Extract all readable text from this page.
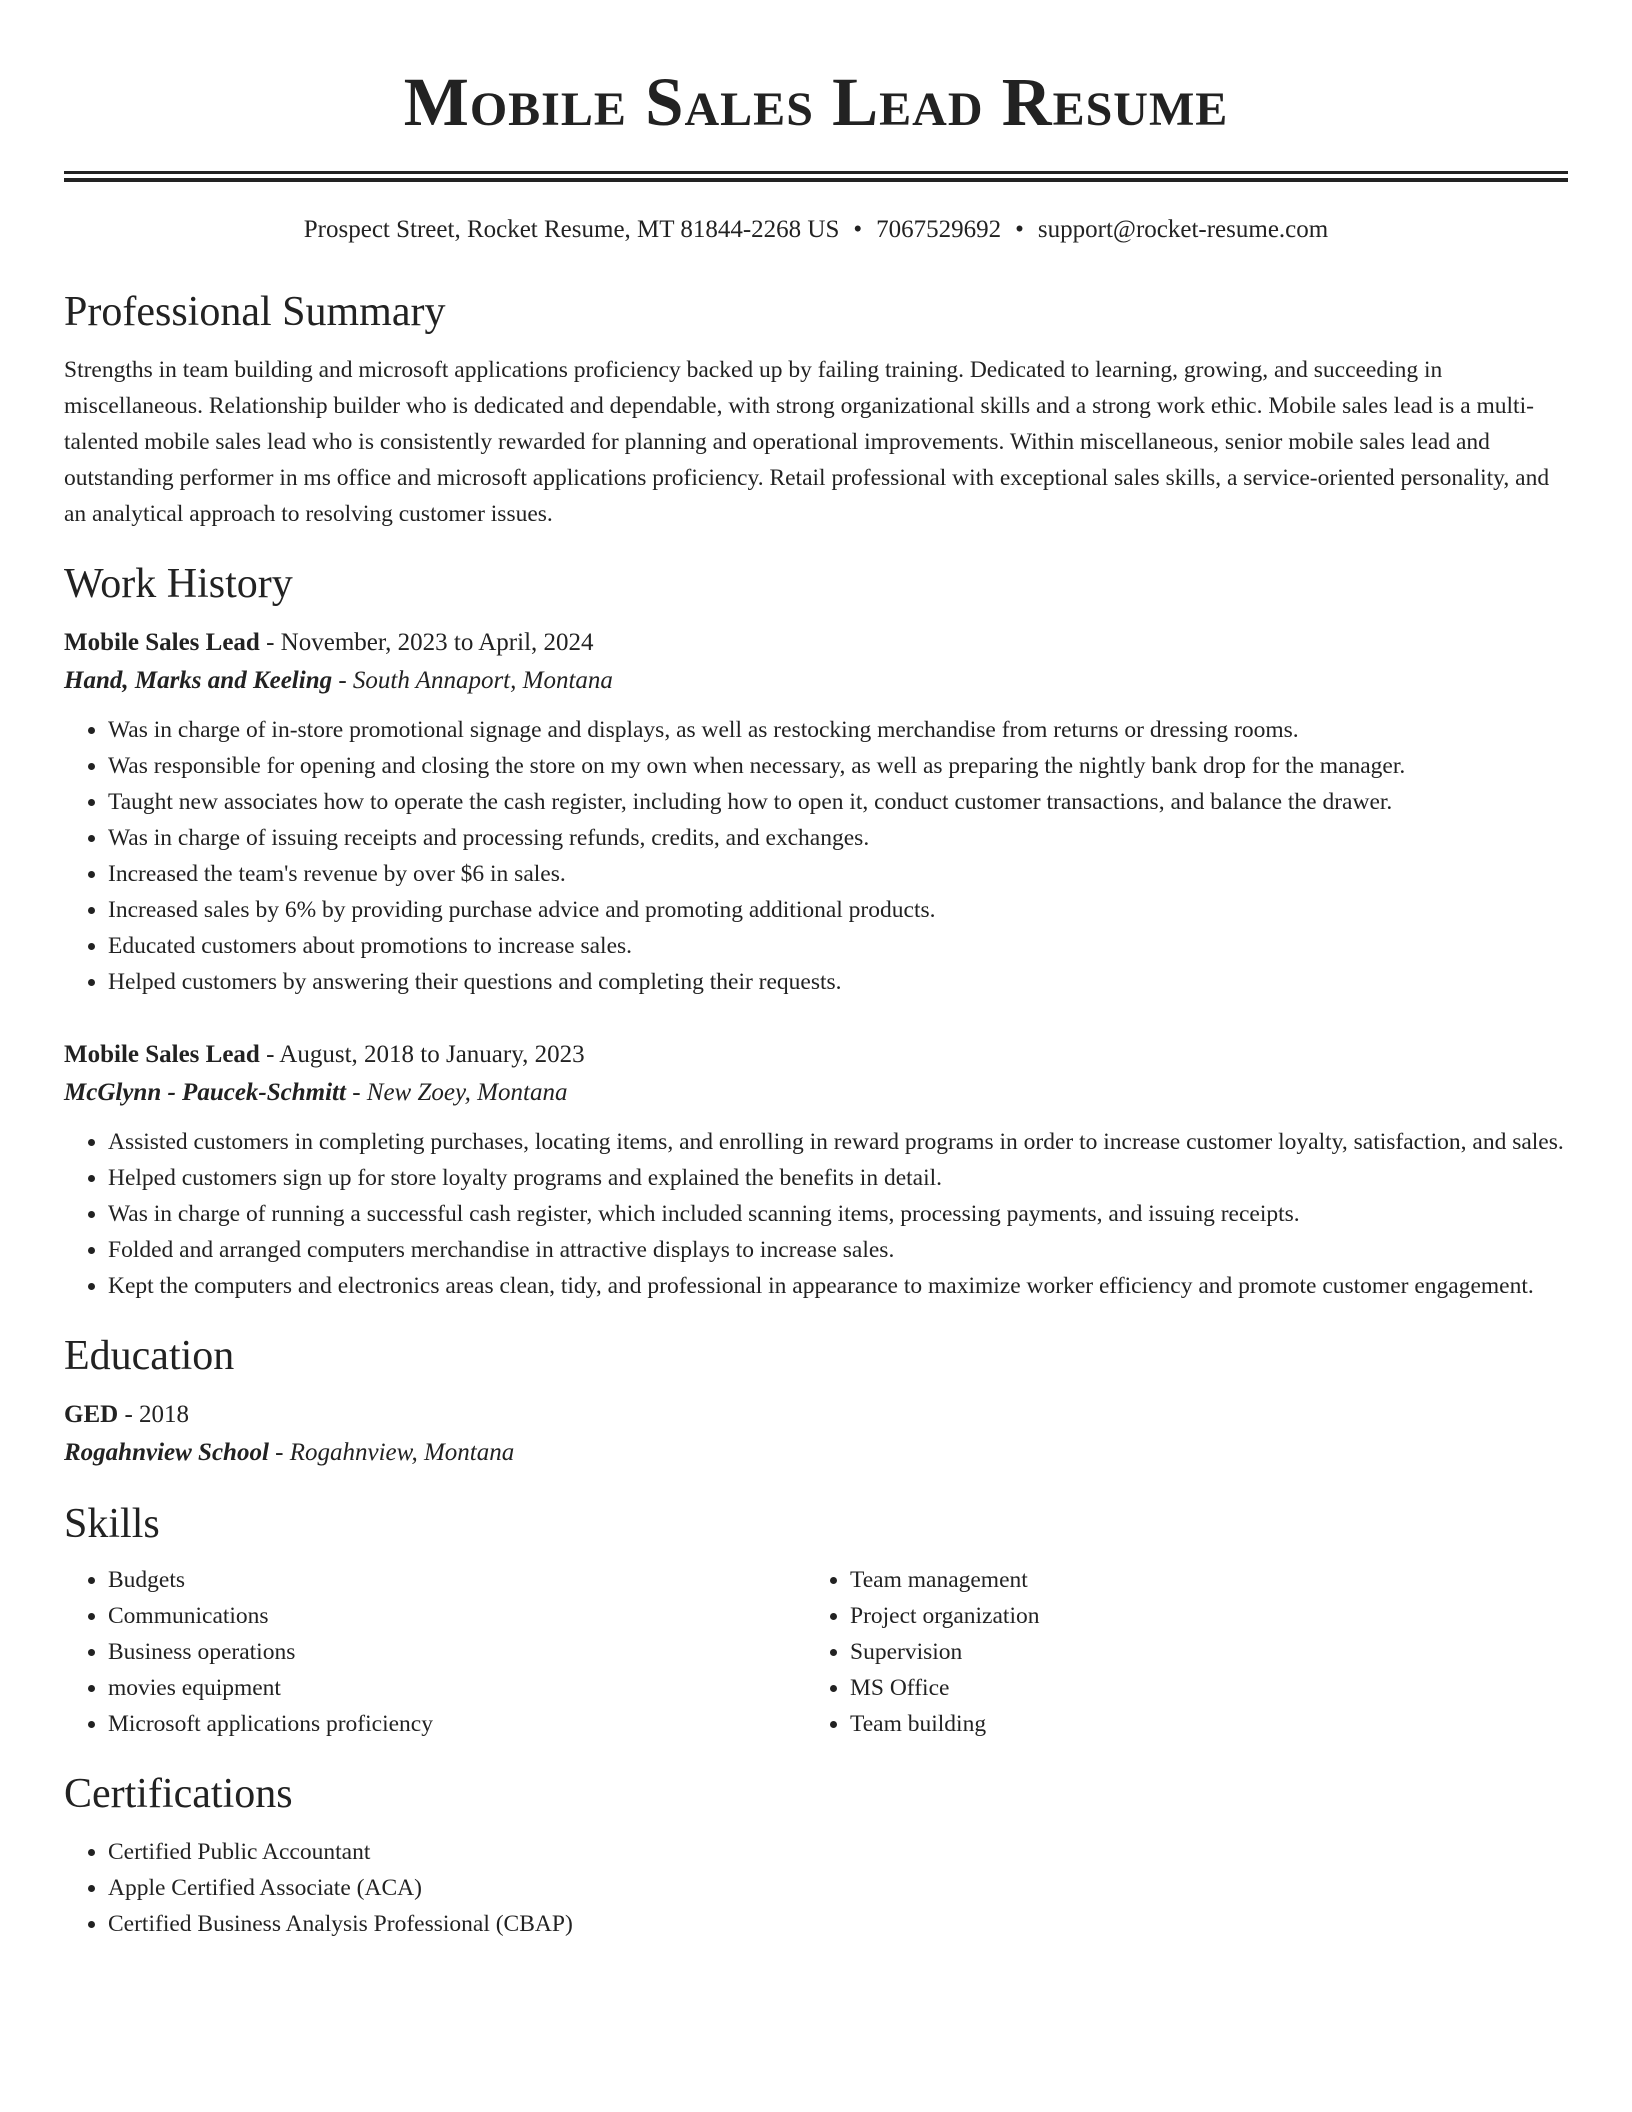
Mobile Sales Lead Resume
Prospect Street, Rocket Resume, MT 81844-2268 US • 7067529692 • support@rocket-resume.com
Professional Summary

Strengths in team building and microsoft applications proficiency backed up by failing training. Dedicated to learning, growing, and succeeding in miscellaneous. Relationship builder who is dedicated and dependable, with strong organizational skills and a strong work ethic. Mobile sales lead is a multi-talented mobile sales lead who is consistently rewarded for planning and operational improvements. Within miscellaneous, senior mobile sales lead and outstanding performer in ms office and microsoft applications proficiency. Retail professional with exceptional sales skills, a service-oriented personality, and an analytical approach to resolving customer issues.

Work History
Mobile Sales Lead - November, 2023 to April, 2024
Hand, Marks and Keeling - South Annaport, Montana
• Was in charge of in-store promotional signage and displays, as well as restocking merchandise from returns or dressing rooms.
• Was responsible for opening and closing the store on my own when necessary, as well as preparing the nightly bank drop for the manager.
• Taught new associates how to operate the cash register, including how to open it, conduct customer transactions, and balance the drawer.
• Was in charge of issuing receipts and processing refunds, credits, and exchanges.
• Increased the team's revenue by over $6 in sales.
• Increased sales by 6% by providing purchase advice and promoting additional products.
• Educated customers about promotions to increase sales.
• Helped customers by answering their questions and completing their requests.
Mobile Sales Lead - August, 2018 to January, 2023
McGlynn - Paucek-Schmitt - New Zoey, Montana
• Assisted customers in completing purchases, locating items, and enrolling in reward programs in order to increase customer loyalty, satisfaction, and sales.
• Helped customers sign up for store loyalty programs and explained the benefits in detail.
• Was in charge of running a successful cash register, which included scanning items, processing payments, and issuing receipts.
• Folded and arranged computers merchandise in attractive displays to increase sales.
• Kept the computers and electronics areas clean, tidy, and professional in appearance to maximize worker efficiency and promote customer engagement.
Education
GED - 2018
Rogahnview School - Rogahnview, Montana
Skills
• Budgets
• Communications
• Business operations
• movies equipment
• Microsoft applications proficiency
• Team management
• Project organization
• Supervision
• MS Office
• Team building
Certifications
• Certified Public Accountant
• Apple Certified Associate (ACA)
• Certified Business Analysis Professional (CBAP)
